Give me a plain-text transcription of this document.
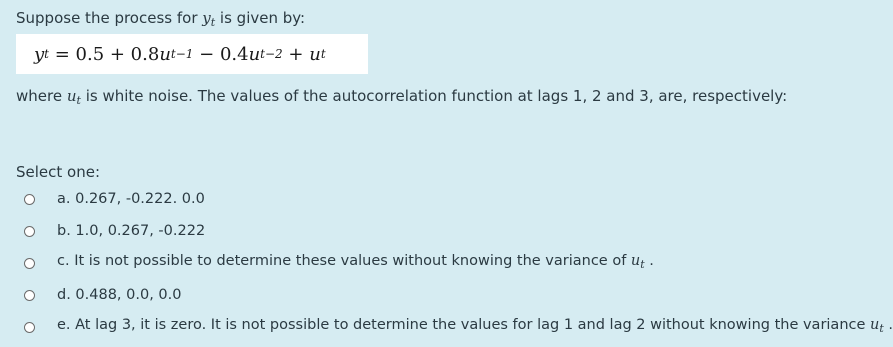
Suppose the process for $y_t$ is given by:
y t = 0.5 + 0.8 u t−1 − 0.4 u t−2 + u t
where $u_t$ is white noise. The values of the autocorrelation function at lags 1, 2 and 3, are, respectively:
Select one:
a. 0.267, -0.222. 0.0
b. 1.0, 0.267, -0.222
c. It is not possible to determine these values without knowing the variance of $u_t$ .
d. 0.488, 0.0, 0.0
e. At lag 3, it is zero. It is not possible to determine the values for lag 1 and lag 2 without knowing the variance $u_t$ .
